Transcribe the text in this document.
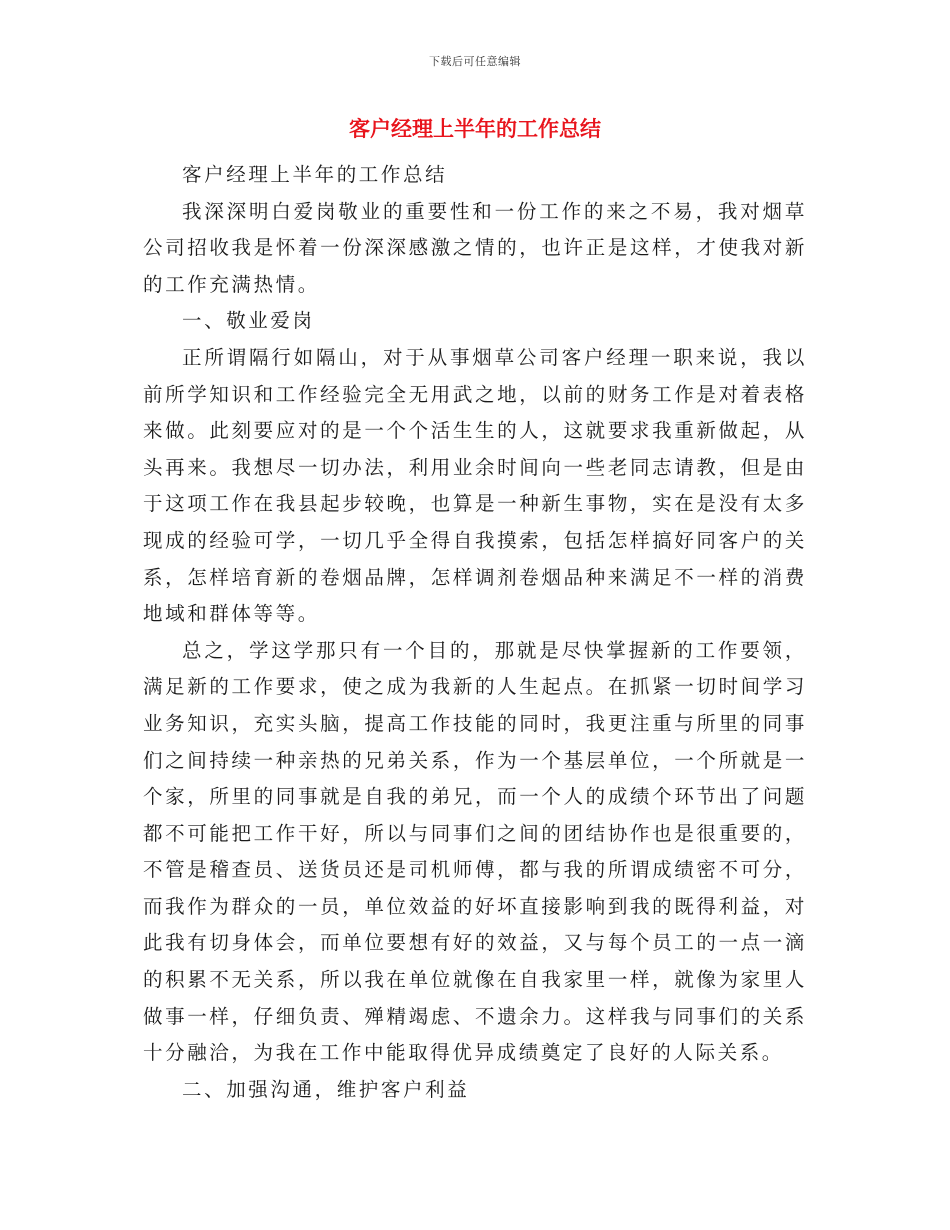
下载后可任意编辑
客户经理上半年的工作总结

客户经理上半年的工作总结

我深深明白爱岗敬业的重要性和一份工作的来之不易，我对烟草公司招收我是怀着一份深深感激之情的，也许正是这样，才使我对新的工作充满热情。

一、敬业爱岗

正所谓隔行如隔山，对于从事烟草公司客户经理一职来说，我以前所学知识和工作经验完全无用武之地，以前的财务工作是对着表格来做。此刻要应对的是一个个活生生的人，这就要求我重新做起，从头再来。我想尽一切办法，利用业余时间向一些老同志请教，但是由于这项工作在我县起步较晚，也算是一种新生事物，实在是没有太多现成的经验可学，一切几乎全得自我摸索，包括怎样搞好同客户的关系，怎样培育新的卷烟品牌，怎样调剂卷烟品种来满足不一样的消费地域和群体等等。

总之，学这学那只有一个目的，那就是尽快掌握新的工作要领，满足新的工作要求，使之成为我新的人生起点。在抓紧一切时间学习业务知识，充实头脑，提高工作技能的同时，我更注重与所里的同事们之间持续一种亲热的兄弟关系，作为一个基层单位，一个所就是一个家，所里的同事就是自我的弟兄，而一个人的成绩个环节出了问题都不可能把工作干好，所以与同事们之间的团结协作也是很重要的，不管是稽查员、送货员还是司机师傅，都与我的所谓成绩密不可分，而我作为群众的一员，单位效益的好坏直接影响到我的既得利益，对此我有切身体会，而单位要想有好的效益，又与每个员工的一点一滴的积累不无关系，所以我在单位就像在自我家里一样，就像为家里人做事一样，仔细负责、殚精竭虑、不遗余力。这样我与同事们的关系十分融洽，为我在工作中能取得优异成绩奠定了良好的人际关系。

二、加强沟通，维护客户利益
